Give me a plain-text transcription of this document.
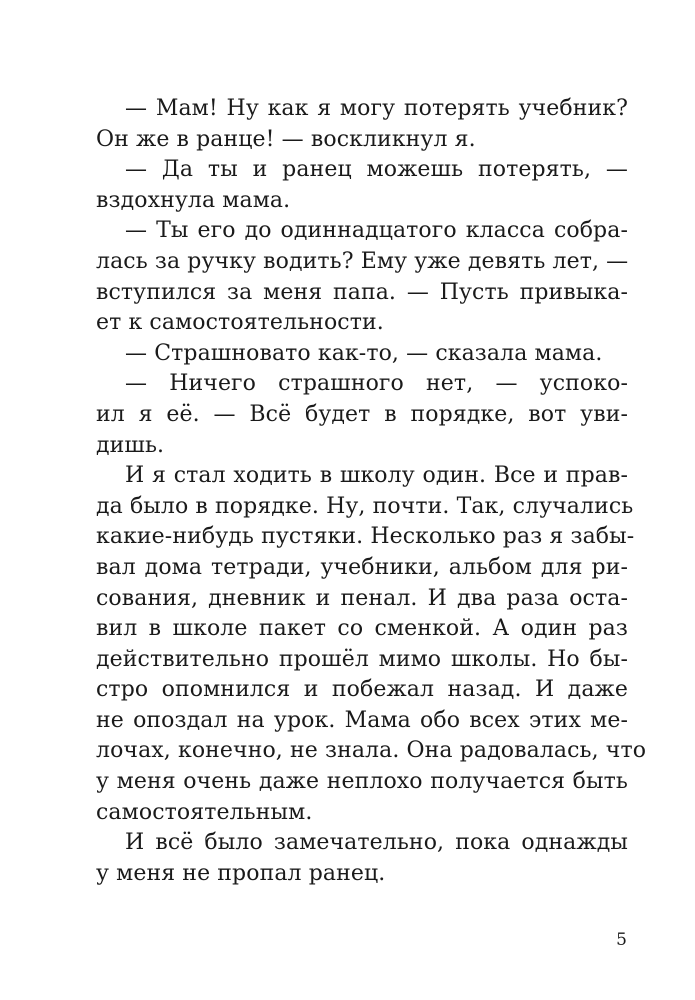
— Мам! Ну как я могу потерять учебник?
Он же в ранце! — воскликнул я.
— Да ты и ранец можешь потерять, —
вздохнула мама.
— Ты его до одиннадцатого класса собра-
лась за ручку водить? Ему уже девять лет, —
вступился за меня папа. — Пусть привыка-
ет к самостоятельности.
— Страшновато как-то, — сказала мама.
— Ничего страшного нет, — успоко-
ил я её. — Всё будет в порядке, вот уви-
дишь.
И я стал ходить в школу один. Все и прав-
да было в порядке. Ну, почти. Так, случались
какие-нибудь пустяки. Несколько раз я забы-
вал дома тетради, учебники, альбом для ри-
сования, дневник и пенал. И два раза оста-
вил в школе пакет со сменкой. А один раз
действительно прошёл мимо школы. Но бы-
стро опомнился и побежал назад. И даже
не опоздал на урок. Мама обо всех этих ме-
лочах, конечно, не знала. Она радовалась, что
у меня очень даже неплохо получается быть
самостоятельным.
И всё было замечательно, пока однажды
у меня не пропал ранец.
5
